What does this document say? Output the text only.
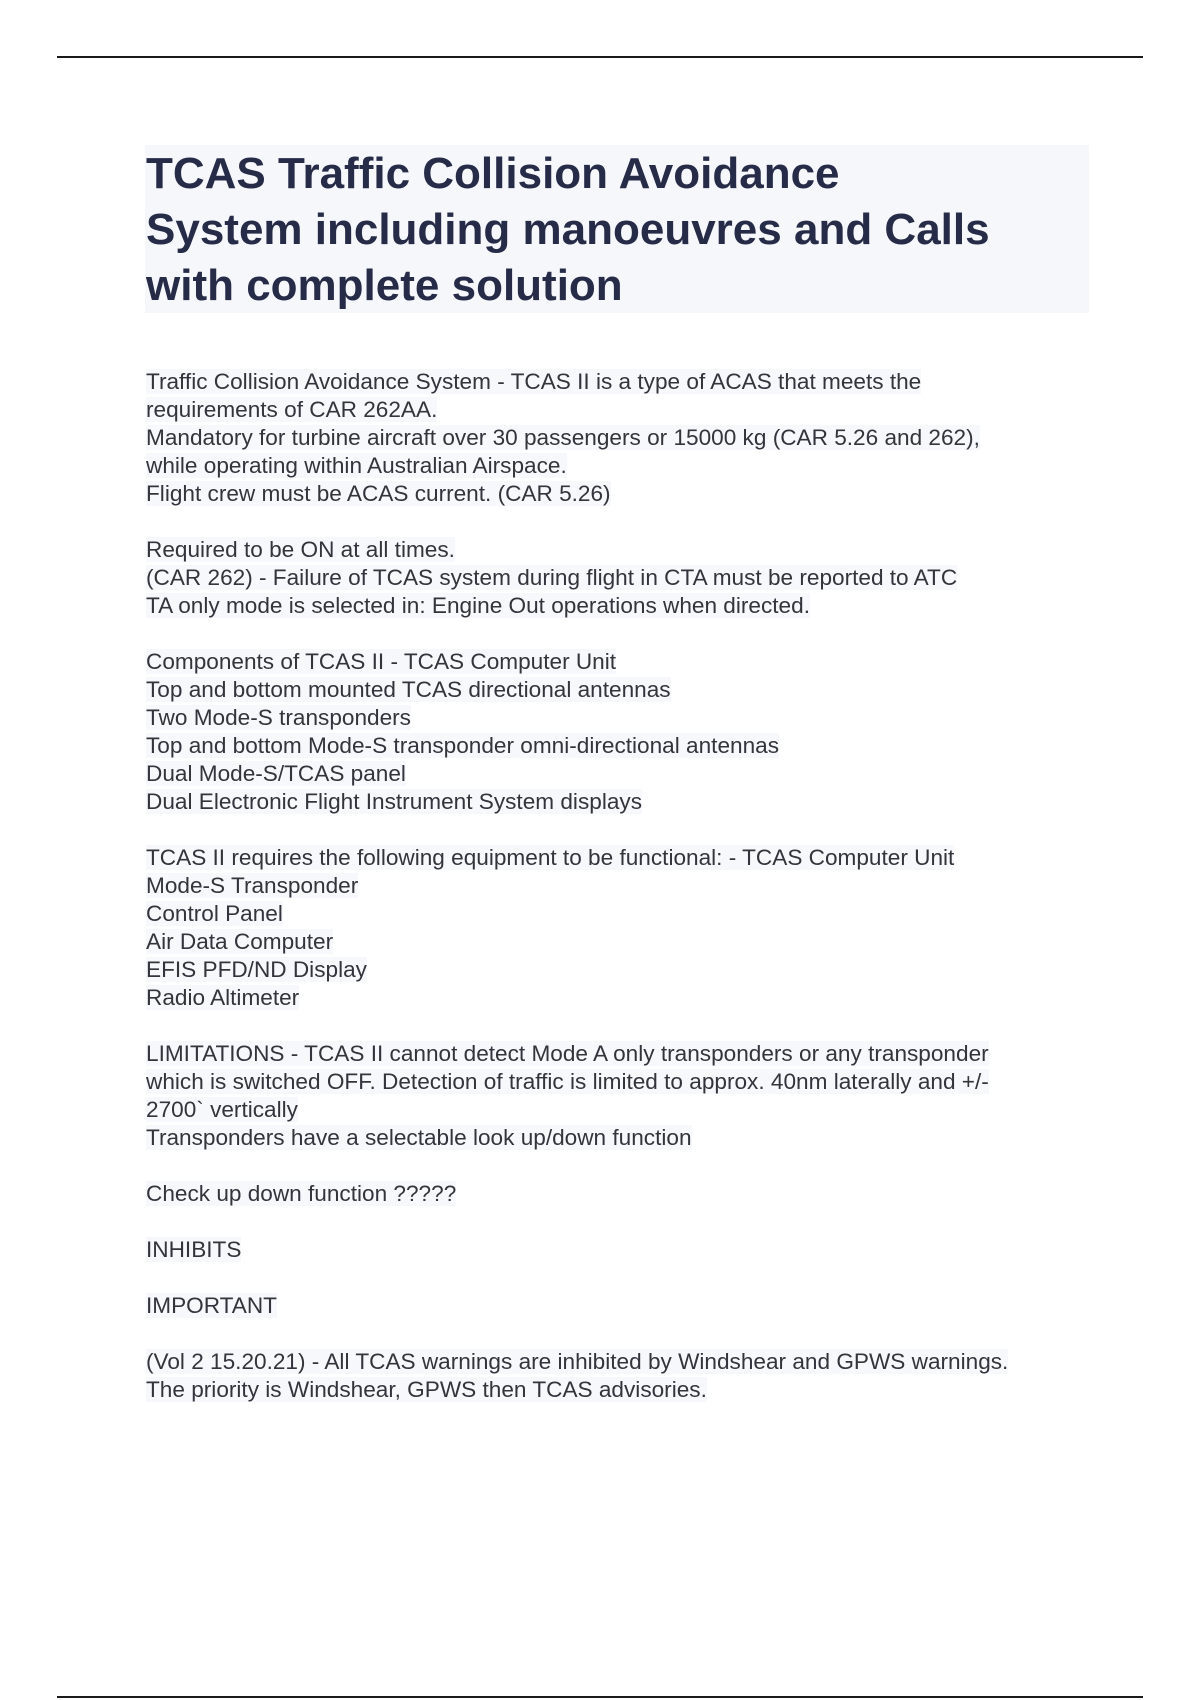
TCAS Traffic Collision Avoidance
System including manoeuvres and Calls
with complete solution
Traffic Collision Avoidance System - TCAS II is a type of ACAS that meets the
requirements of CAR 262AA.
Mandatory for turbine aircraft over 30 passengers or 15000 kg (CAR 5.26 and 262),
while operating within Australian Airspace.
Flight crew must be ACAS current. (CAR 5.26)
Required to be ON at all times.
(CAR 262) - Failure of TCAS system during flight in CTA must be reported to ATC
TA only mode is selected in: Engine Out operations when directed.
Components of TCAS II - TCAS Computer Unit
Top and bottom mounted TCAS directional antennas
Two Mode-S transponders
Top and bottom Mode-S transponder omni-directional antennas
Dual Mode-S/TCAS panel
Dual Electronic Flight Instrument System displays
TCAS II requires the following equipment to be functional: - TCAS Computer Unit
Mode-S Transponder
Control Panel
Air Data Computer
EFIS PFD/ND Display
Radio Altimeter
LIMITATIONS - TCAS II cannot detect Mode A only transponders or any transponder
which is switched OFF. Detection of traffic is limited to approx. 40nm laterally and +/-
2700` vertically
Transponders have a selectable look up/down function
Check up down function ?????
INHIBITS
IMPORTANT
(Vol 2 15.20.21) - All TCAS warnings are inhibited by Windshear and GPWS warnings.
The priority is Windshear, GPWS then TCAS advisories.
